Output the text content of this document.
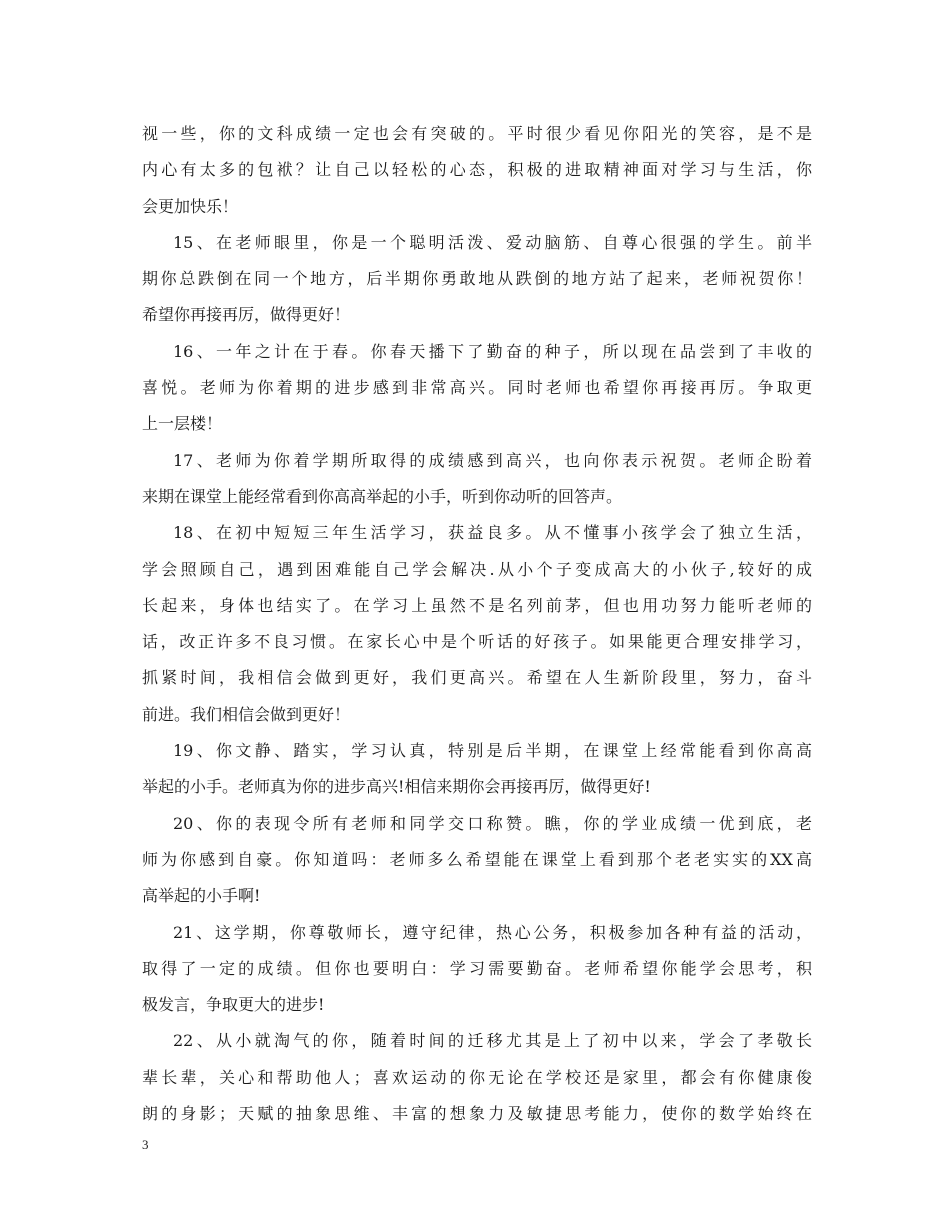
视一些，你的文科成绩一定也会有突破的。平时很少看见你阳光的笑容，是不是
内心有太多的包袱？让自己以轻松的心态，积极的进取精神面对学习与生活，你
会更加快乐！
15、在老师眼里，你是一个聪明活泼、爱动脑筋、自尊心很强的学生。前半
期你总跌倒在同一个地方，后半期你勇敢地从跌倒的地方站了起来，老师祝贺你！
希望你再接再厉，做得更好！
16、一年之计在于春。你春天播下了勤奋的种子，所以现在品尝到了丰收的
喜悦。老师为你着期的进步感到非常高兴。同时老师也希望你再接再厉。争取更
上一层楼！
17、老师为你着学期所取得的成绩感到高兴，也向你表示祝贺。老师企盼着
来期在课堂上能经常看到你高高举起的小手，听到你动听的回答声。
18、在初中短短三年生活学习，获益良多。从不懂事小孩学会了独立生活，
学会照顾自己，遇到困难能自己学会解决.从小个子变成高大的小伙子,较好的成
长起来，身体也结实了。在学习上虽然不是名列前茅，但也用功努力能听老师的
话，改正许多不良习惯。在家长心中是个听话的好孩子。如果能更合理安排学习，
抓紧时间，我相信会做到更好，我们更高兴。希望在人生新阶段里，努力，奋斗
前进。我们相信会做到更好！
19、你文静、踏实，学习认真，特别是后半期，在课堂上经常能看到你高高
举起的小手。老师真为你的进步高兴!相信来期你会再接再厉，做得更好!
20、你的表现令所有老师和同学交口称赞。瞧，你的学业成绩一优到底，老
师为你感到自豪。你知道吗：老师多么希望能在课堂上看到那个老老实实的XX高
高举起的小手啊!
21、这学期，你尊敬师长，遵守纪律，热心公务，积极参加各种有益的活动，
取得了一定的成绩。但你也要明白：学习需要勤奋。老师希望你能学会思考，积
极发言，争取更大的进步!
22、从小就淘气的你，随着时间的迁移尤其是上了初中以来，学会了孝敬长
辈长辈，关心和帮助他人；喜欢运动的你无论在学校还是家里，都会有你健康俊
朗的身影；天赋的抽象思维、丰富的想象力及敏捷思考能力，使你的数学始终在
3
